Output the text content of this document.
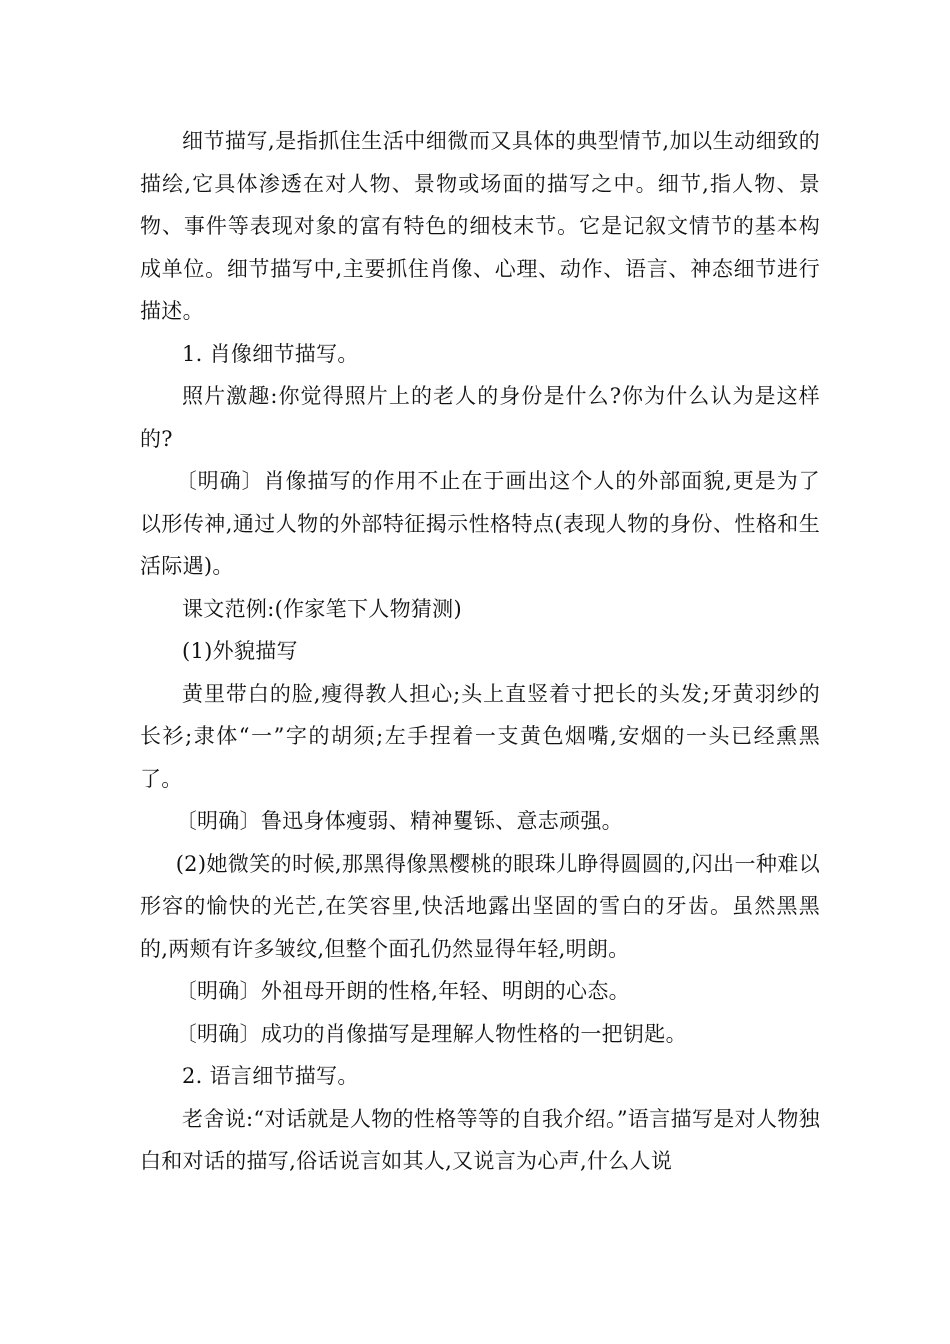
细节描写,是指抓住生活中细微而又具体的典型情节,加以生动细致的描绘,它具体渗透在对人物、景物或场面的描写之中。细节,指人物、景物、事件等表现对象的富有特色的细枝末节。它是记叙文情节的基本构成单位。细节描写中,主要抓住肖像、心理、动作、语言、神态细节进行描述。

1. 肖像细节描写。

照片激趣:你觉得照片上的老人的身份是什么?你为什么认为是这样的?

〔明确〕肖像描写的作用不止在于画出这个人的外部面貌,更是为了以形传神,通过人物的外部特征揭示性格特点(表现人物的身份、性格和生活际遇)。

课文范例:(作家笔下人物猜测)

(1)外貌描写

黄里带白的脸,瘦得教人担心;头上直竖着寸把长的头发;牙黄羽纱的长衫;隶体“一”字的胡须;左手捏着一支黄色烟嘴,安烟的一头已经熏黑了。

〔明确〕鲁迅身体瘦弱、精神矍铄、意志顽强。

(2)她微笑的时候,那黑得像黑樱桃的眼珠儿睁得圆圆的,闪出一种难以形容的愉快的光芒,在笑容里,快活地露出坚固的雪白的牙齿。虽然黑黑的,两颊有许多皱纹,但整个面孔仍然显得年轻,明朗。

〔明确〕外祖母开朗的性格,年轻、明朗的心态。

〔明确〕成功的肖像描写是理解人物性格的一把钥匙。

2. 语言细节描写。

老舍说:“对话就是人物的性格等等的自我介绍。”语言描写是对人物独白和对话的描写,俗话说言如其人,又说言为心声,什么人说
